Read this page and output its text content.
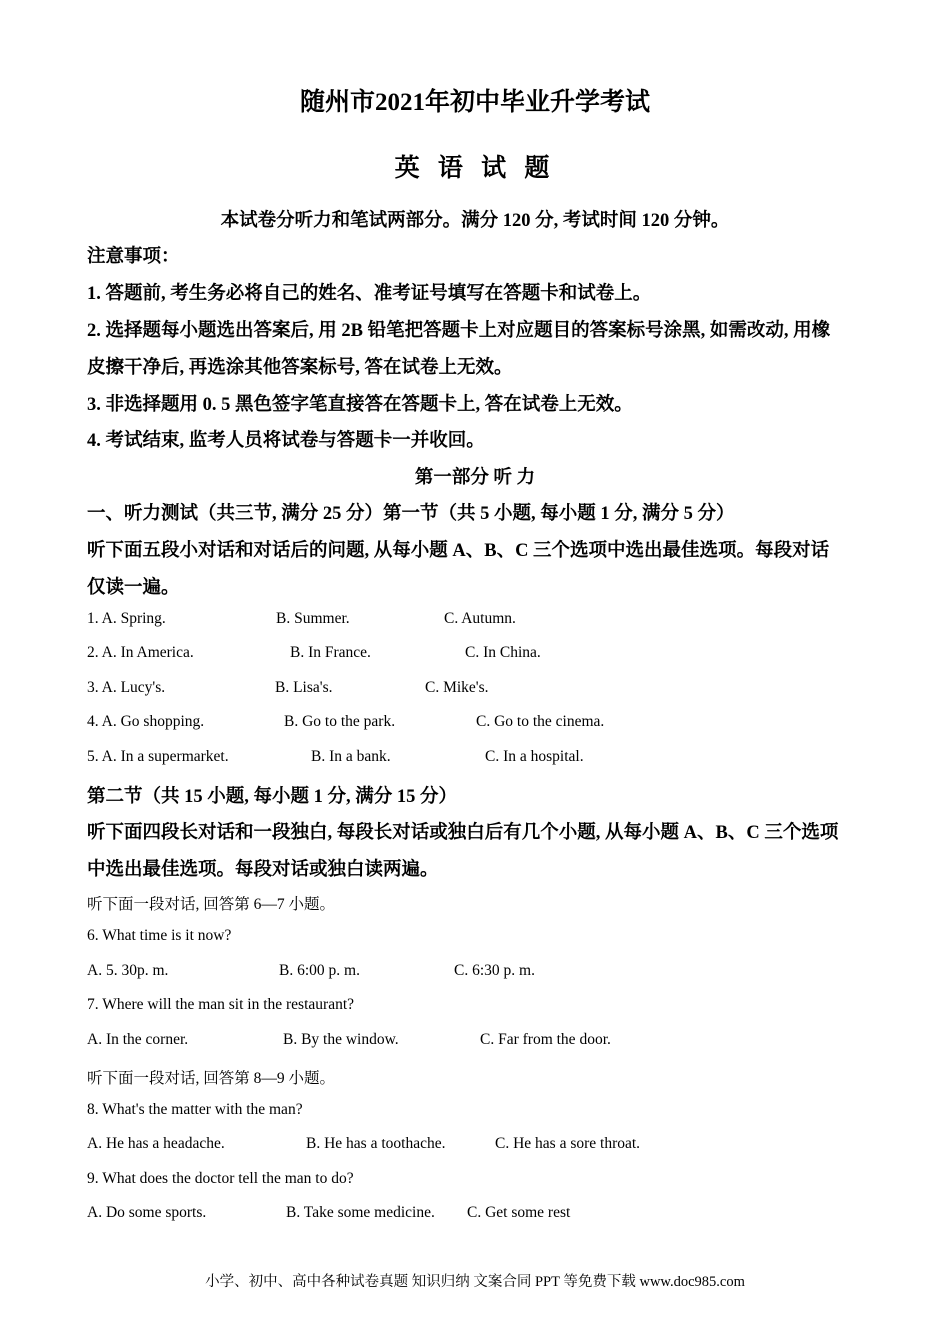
随州市2021年初中毕业升学考试
英 语 试 题
本试卷分听力和笔试两部分。满分 120 分, 考试时间 120 分钟。
注意事项：
1. 答题前, 考生务必将自己的姓名、准考证号填写在答题卡和试卷上。
2. 选择题每小题选出答案后, 用 2B 铅笔把答题卡上对应题目的答案标号涂黑, 如需改动, 用橡
皮擦干净后, 再选涂其他答案标号, 答在试卷上无效。
3. 非选择题用 0. 5 黑色签字笔直接答在答题卡上, 答在试卷上无效。
4. 考试结束, 监考人员将试卷与答题卡一并收回。
第一部分 听 力
一、听力测试（共三节, 满分 25 分）第一节（共 5 小题, 每小题 1 分, 满分 5 分）
听下面五段小对话和对话后的问题, 从每小题 A、B、C 三个选项中选出最佳选项。每段对话
仅读一遍。
1. A. Spring.	B. Summer.	C. Autumn.
2. A. In America.	B. In France.	C. In China.
3. A. Lucy's.	B. Lisa's.	C. Mike's.
4. A. Go shopping.	B. Go to the park.	C. Go to the cinema.
5. A. In a supermarket.	B. In a bank.	C. In a hospital.
第二节（共 15 小题, 每小题 1 分, 满分 15 分）
听下面四段长对话和一段独白, 每段长对话或独白后有几个小题, 从每小题 A、B、C 三个选项
中选出最佳选项。每段对话或独白读两遍。
听下面一段对话, 回答第 6—7 小题。
6. What time is it now?
A. 5. 30p. m.	B. 6:00 p. m.	C. 6:30 p. m.
7. Where will the man sit in the restaurant?
A. In the corner.	B. By the window.	C. Far from the door.
听下面一段对话, 回答第 8—9 小题。
8. What's the matter with the man?
A. He has a headache.	B. He has a toothache.	C. He has a sore throat.
9. What does the doctor tell the man to do?
A. Do some sports.	B. Take some medicine. C. Get some rest
小学、初中、高中各种试卷真题 知识归纳 文案合同 PPT 等免费下载 www.doc985.com
